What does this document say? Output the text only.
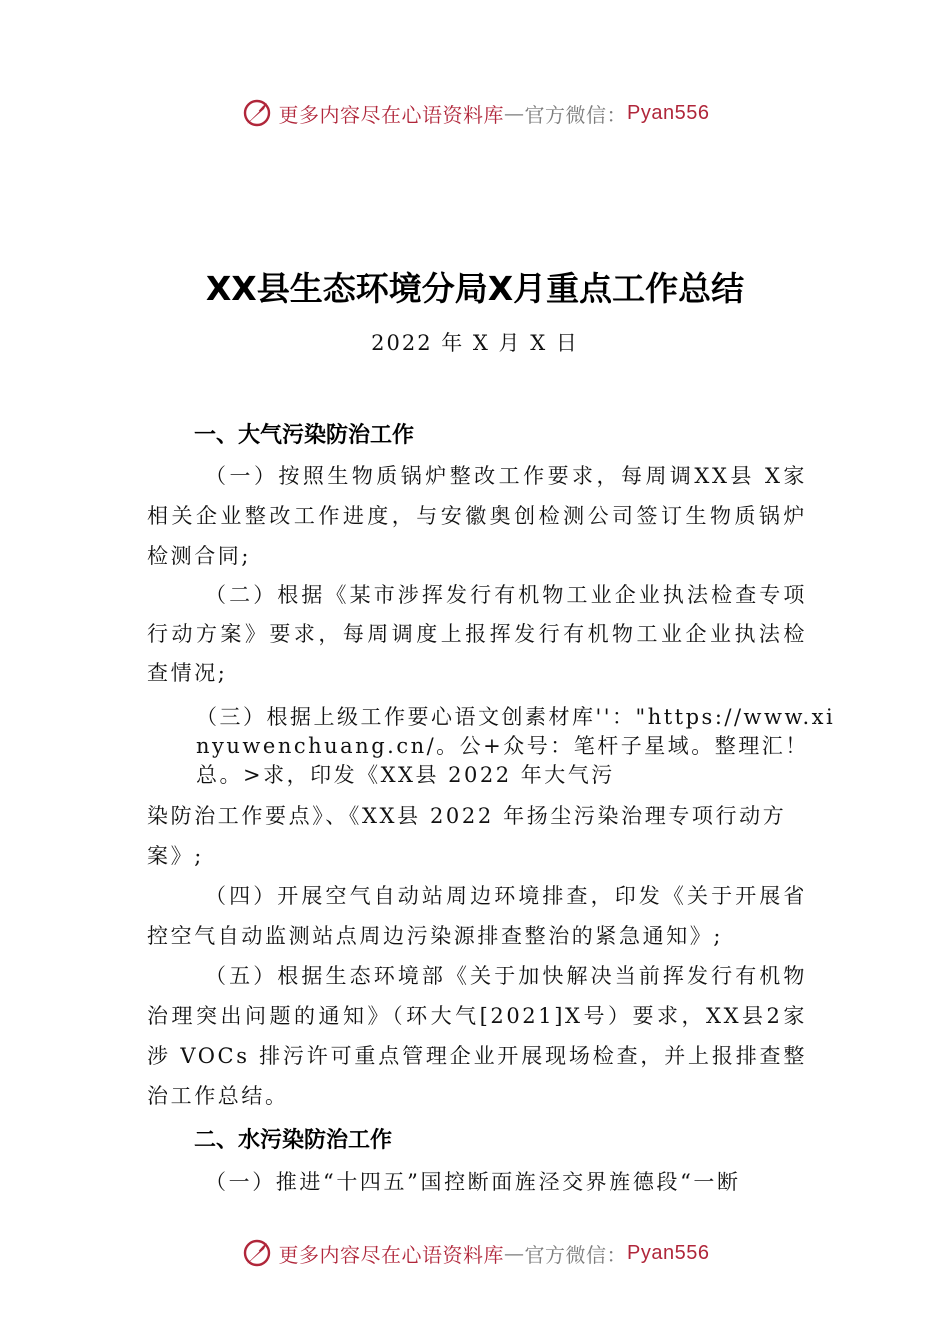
更多内容尽在心语资料库 — 官方微信： Pyan556
XX县生态环境分局X月重点工作总结
2022 年 X 月 X 日
一、大气污染防治工作

（一）按照生物质锅炉整改工作要求，每周调XX县 X家相关企业整改工作进度，与安徽奥创检测公司签订生物质锅炉检测合同;

（二）根据《某市涉挥发行有机物工业企业执法检查专项行动方案》要求，每周调度上报挥发行有机物工业企业执法检查情况;

（三）根据上级工作要心语文创素材库''："https://www.xinyuwenchuang.cn/。公+众号：笔杆子星域。整理汇！总。>求，印发《XX县 2022 年大气污

染防治工作要点》、《XX县 2022 年扬尘污染治理专项行动方案》;

（四）开展空气自动站周边环境排查，印发《关于开展省控空气自动监测站点周边污染源排查整治的紧急通知》;

（五）根据生态环境部《关于加快解决当前挥发行有机物治理突出问题的通知》（环大气[2021]X号）要求，XX县2家涉 VOCs 排污许可重点管理企业开展现场检查，并上报排查整治工作总结。

二、水污染防治工作

（一）推进“十四五”国控断面旌泾交界旌德段“一断

更多内容尽在心语资料库 — 官方微信： Pyan556
